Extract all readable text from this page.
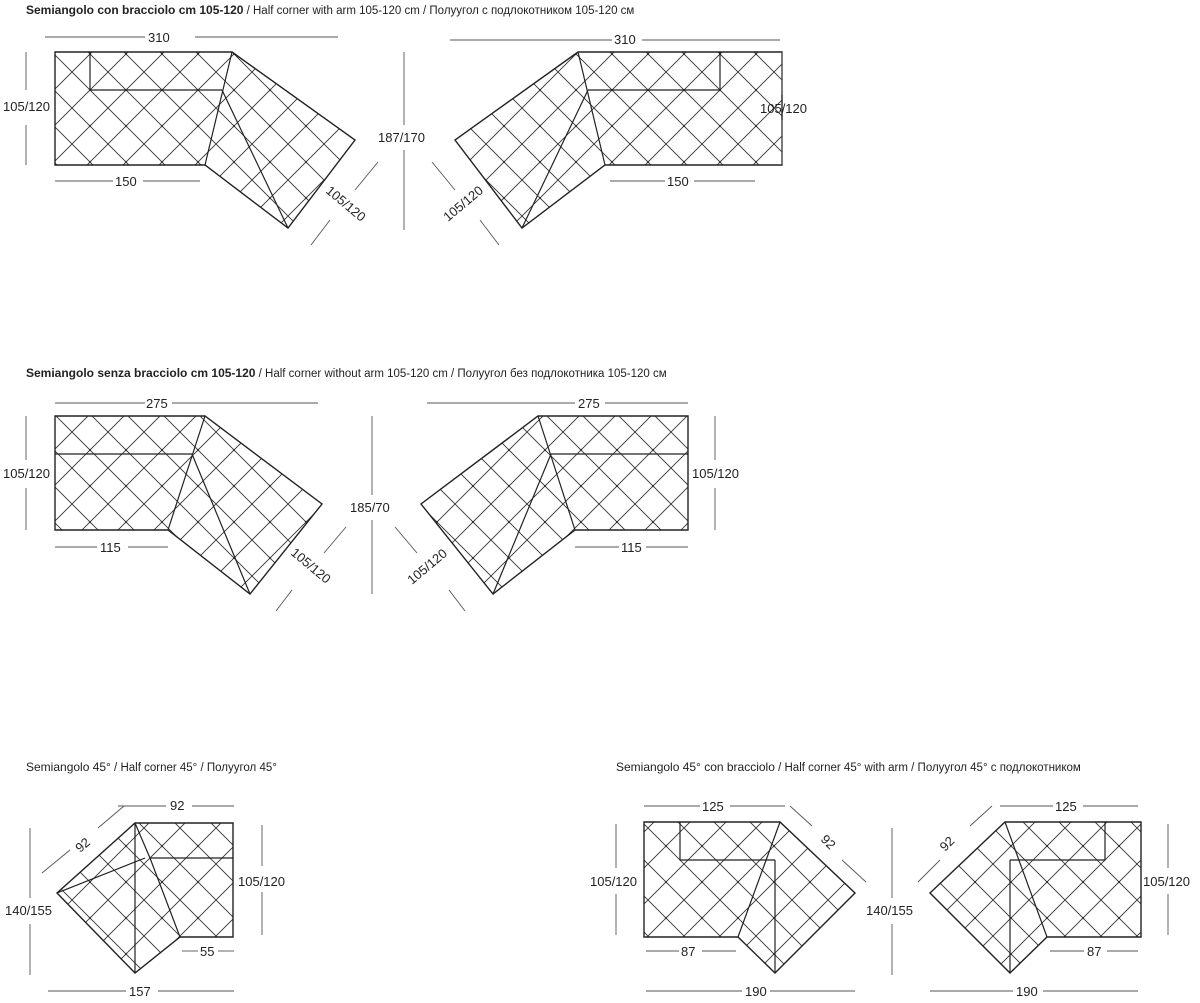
Semiangolo con bracciolo cm 105-120 / Half corner with arm 105-120 cm / Полуугол с подлокотником 105-120 см
Semiangolo senza bracciolo cm 105-120 / Half corner without arm 105-120 cm / Полуугол без подлокотника 105-120 см
Semiangolo 45° / Half corner 45° / Полуугол 45°	Semiangolo 45° con bracciolo / Half corner 45° with arm / Полуугол 45° с подлокотником
310
105/120
150
105/120
187/170
310
105/120
150
105/120
275
105/120
115	105/120
185/70
275
105/120
115
105/120
92
92
105/120
140/155
55
157
125
92
105/120
87
190
140/155
125
92
105/120
87
190
